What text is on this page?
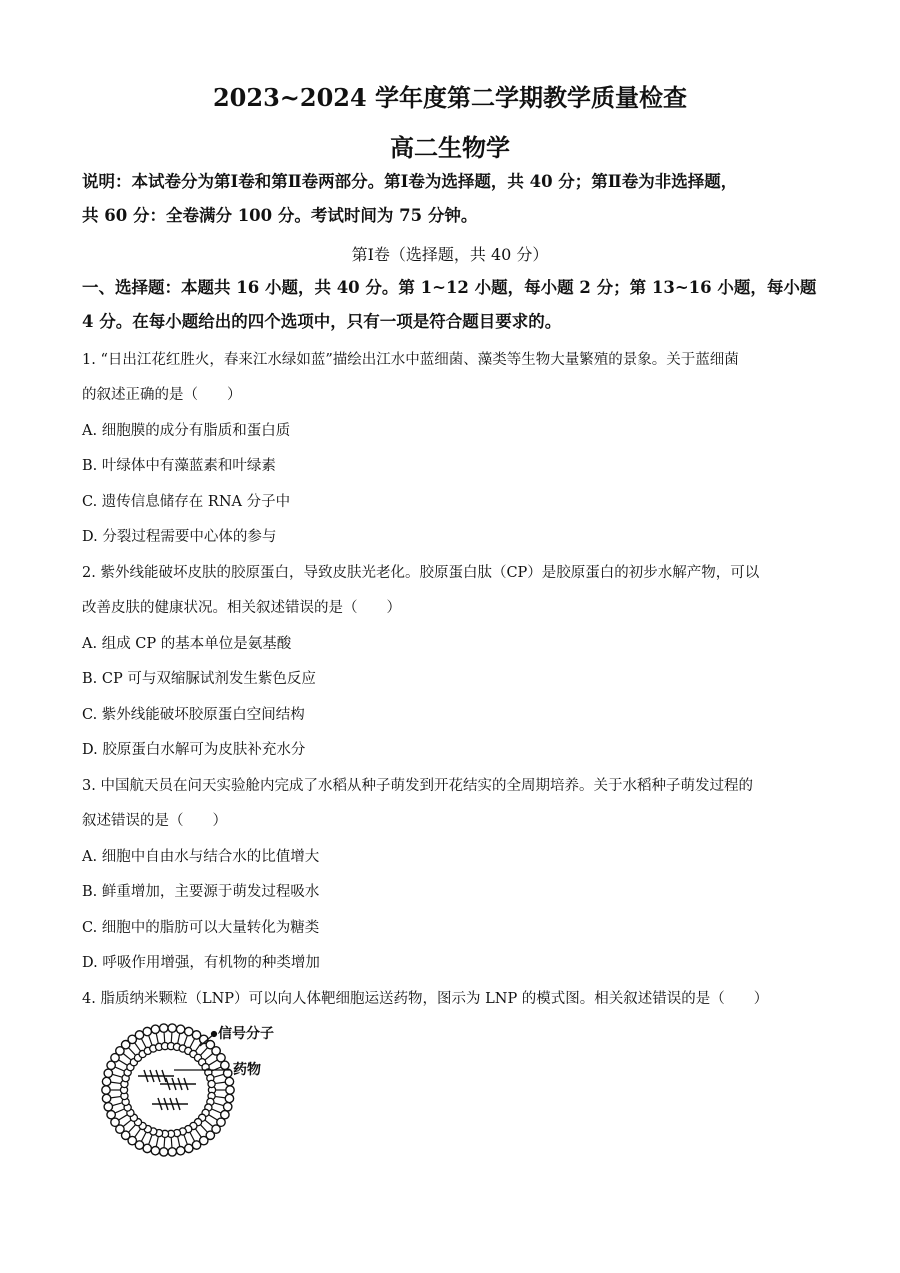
2023~2024 学年度第二学期教学质量检查
高二生物学
说明：本试卷分为第Ⅰ卷和第Ⅱ卷两部分。第Ⅰ卷为选择题，共 40 分；第Ⅱ卷为非选择题，
共 60 分：全卷满分 100 分。考试时间为 75 分钟。
第Ⅰ卷（选择题，共 40 分）
一、选择题：本题共 16 小题，共 40 分。第 1~12 小题，每小题 2 分；第 13~16 小题，每小题
4 分。在每小题给出的四个选项中，只有一项是符合题目要求的。
1. “日出江花红胜火，春来江水绿如蓝”描绘出江水中蓝细菌、藻类等生物大量繁殖的景象。关于蓝细菌
的叙述正确的是（　　）
A. 细胞膜的成分有脂质和蛋白质
B. 叶绿体中有藻蓝素和叶绿素
C. 遗传信息储存在 RNA 分子中
D. 分裂过程需要中心体的参与
2. 紫外线能破坏皮肤的胶原蛋白，导致皮肤光老化。胶原蛋白肽（CP）是胶原蛋白的初步水解产物，可以
改善皮肤的健康状况。相关叙述错误的是（　　）
A. 组成 CP 的基本单位是氨基酸
B. CP 可与双缩脲试剂发生紫色反应
C. 紫外线能破坏胶原蛋白空间结构
D. 胶原蛋白水解可为皮肤补充水分
3. 中国航天员在问天实验舱内完成了水稻从种子萌发到开花结实的全周期培养。关于水稻种子萌发过程的
叙述错误的是（　　）
A. 细胞中自由水与结合水的比值增大
B. 鲜重增加，主要源于萌发过程吸水
C. 细胞中的脂肪可以大量转化为糖类
D. 呼吸作用增强，有机物的种类增加
4. 脂质纳米颗粒（LNP）可以向人体靶细胞运送药物，图示为 LNP 的模式图。相关叙述错误的是（　　）
信号分子
药物
